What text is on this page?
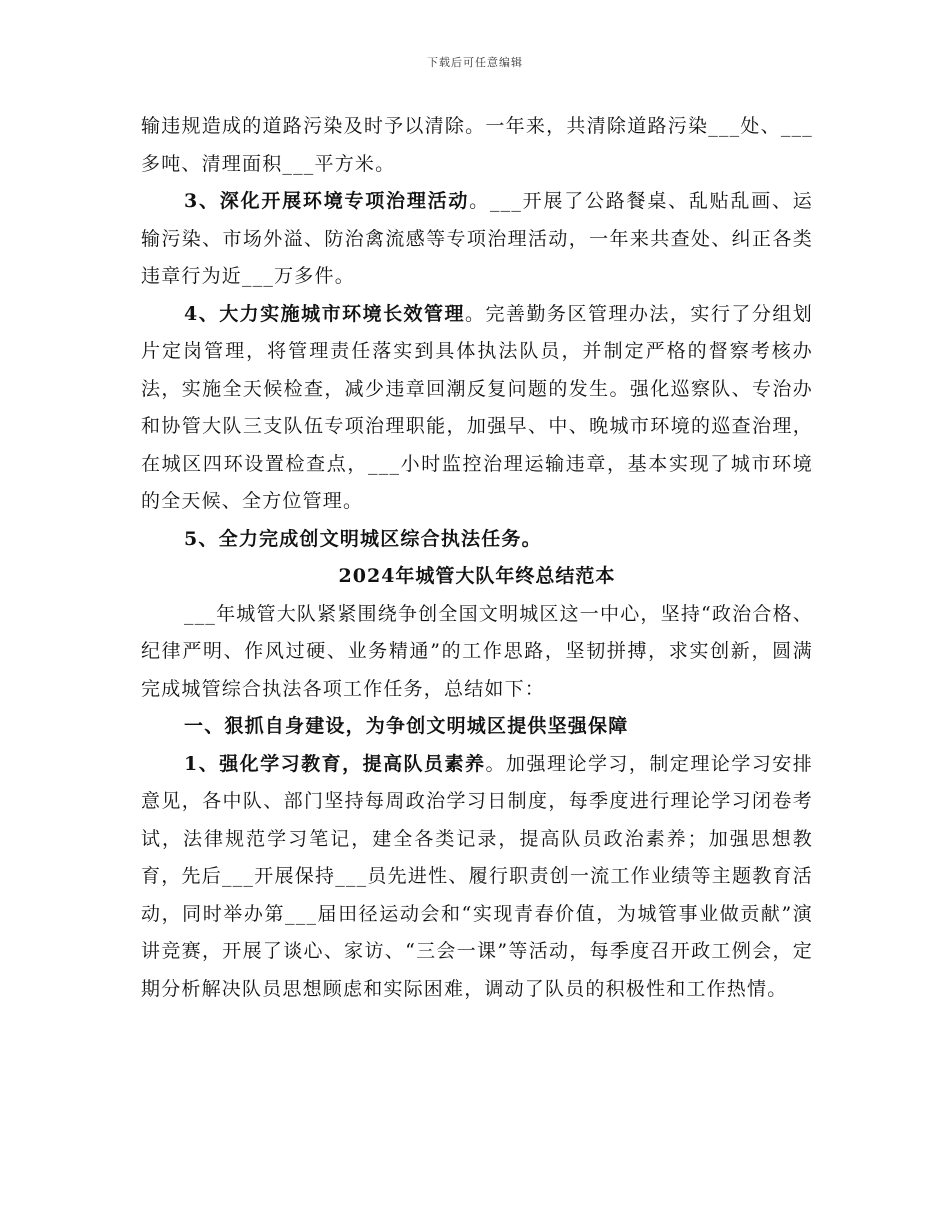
下载后可任意编辑

输违规造成的道路污染及时予以清除。一年来，共清除道路污染___处、___多吨、清理面积___平方米。

3、深化开展环境专项治理活动。___开展了公路餐桌、乱贴乱画、运输污染、市场外溢、防治禽流感等专项治理活动，一年来共查处、纠正各类违章行为近___万多件。

4、大力实施城市环境长效管理。完善勤务区管理办法，实行了分组划片定岗管理，将管理责任落实到具体执法队员，并制定严格的督察考核办法，实施全天候检查，减少违章回潮反复问题的发生。强化巡察队、专治办和协管大队三支队伍专项治理职能，加强早、中、晚城市环境的巡查治理，在城区四环设置检查点，___小时监控治理运输违章，基本实现了城市环境的全天候、全方位管理。

5、全力完成创文明城区综合执法任务。

2024年城管大队年终总结范本

___年城管大队紧紧围绕争创全国文明城区这一中心，坚持“政治合格、纪律严明、作风过硬、业务精通”的工作思路，坚韧拼搏，求实创新，圆满完成城管综合执法各项工作任务，总结如下：

一、狠抓自身建设，为争创文明城区提供坚强保障

1、强化学习教育，提高队员素养。加强理论学习，制定理论学习安排意见，各中队、部门坚持每周政治学习日制度，每季度进行理论学习闭卷考试，法律规范学习笔记，建全各类记录，提高队员政治素养；加强思想教育，先后___开展保持___员先进性、履行职责创一流工作业绩等主题教育活动，同时举办第___届田径运动会和“实现青春价值，为城管事业做贡献”演讲竞赛，开展了谈心、家访、“三会一课”等活动，每季度召开政工例会，定期分析解决队员思想顾虑和实际困难，调动了队员的积极性和工作热情。
